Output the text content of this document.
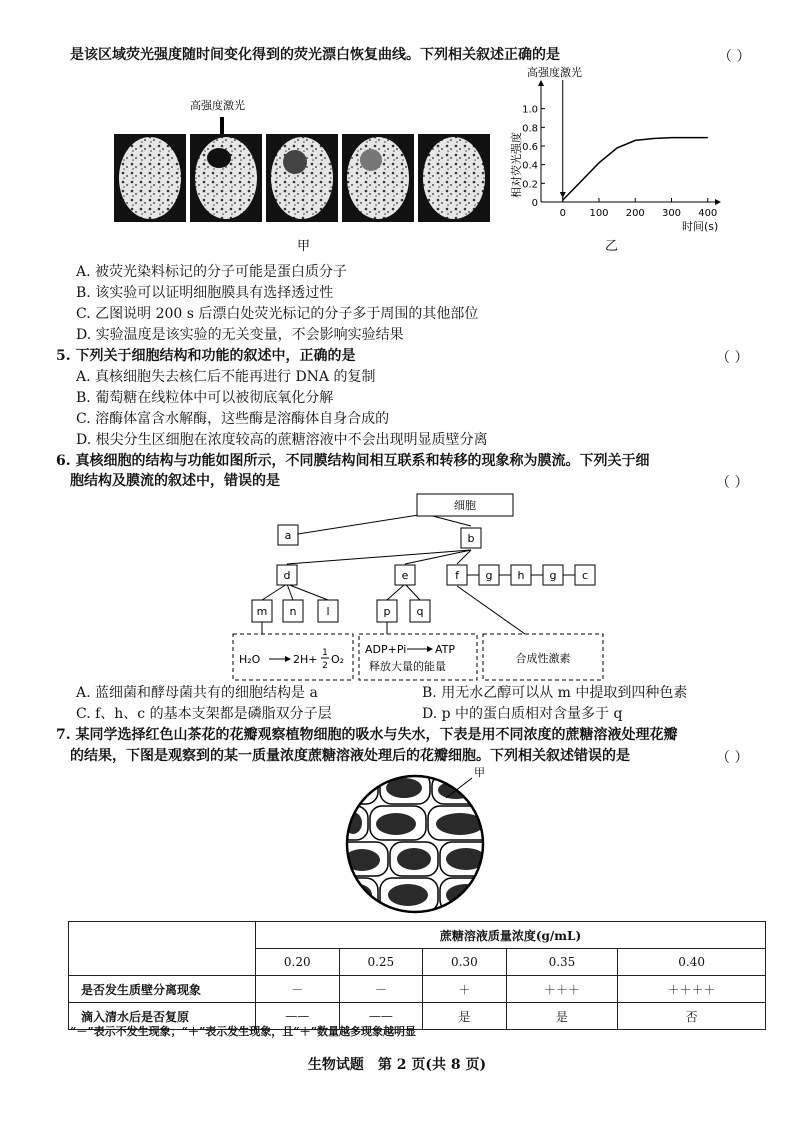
是该区域荧光强度随时间变化得到的荧光漂白恢复曲线。下列相关叙述正确的是	（ ）
高强度激光
甲
高强度激光
相对荧光强度
时间(s)
乙
0.2
0.4
0.6
0.8
1.0
0
0 100 200 300 400
A. 被荧光染料标记的分子可能是蛋白质分子
B. 该实验可以证明细胞膜具有选择透过性
C. 乙图说明 200 s 后漂白处荧光标记的分子多于周围的其他部位
D. 实验温度是该实验的无关变量，不会影响实验结果
5. 下列关于细胞结构和功能的叙述中，正确的是	（ ）
A. 真核细胞失去核仁后不能再进行 DNA 的复制
B. 葡萄糖在线粒体中可以被彻底氧化分解
C. 溶酶体富含水解酶，这些酶是溶酶体自身合成的
D. 根尖分生区细胞在浓度较高的蔗糖溶液中不会出现明显质壁分离
6. 真核细胞的结构与功能如图所示，不同膜结构间相互联系和转移的现象称为膜流。下列关于细
胞结构及膜流的叙述中，错误的是	（ ）
细胞
a	b
d	e	f g h g c
m n	l	p q
H₂O	2H+ 1
2 O₂
ADP+Pi	ATP
释放大量的能量
合成性激素
A. 蓝细菌和酵母菌共有的细胞结构是 a	B. 用无水乙醇可以从 m 中提取到四种色素
C. f、h、c 的基本支架都是磷脂双分子层	D. p 中的蛋白质相对含量多于 q
7. 某同学选择红色山茶花的花瓣观察植物细胞的吸水与失水，下表是用不同浓度的蔗糖溶液处理花瓣
的结果，下图是观察到的某一质量浓度蔗糖溶液处理后的花瓣细胞。下列相关叙述错误的是	（ ）
甲
	蔗糖溶液质量浓度(g/mL)				
	0.20	0.25	0.30	0.35	0.40
是否发生质壁分离现象	－	－	＋	＋＋＋	＋＋＋＋
滴入清水后是否复原	——	——	是	是	否
“－”表示不发生现象；“＋”表示发生现象，且“＋”数量越多现象越明显
生物试题　第 2 页(共 8 页)
